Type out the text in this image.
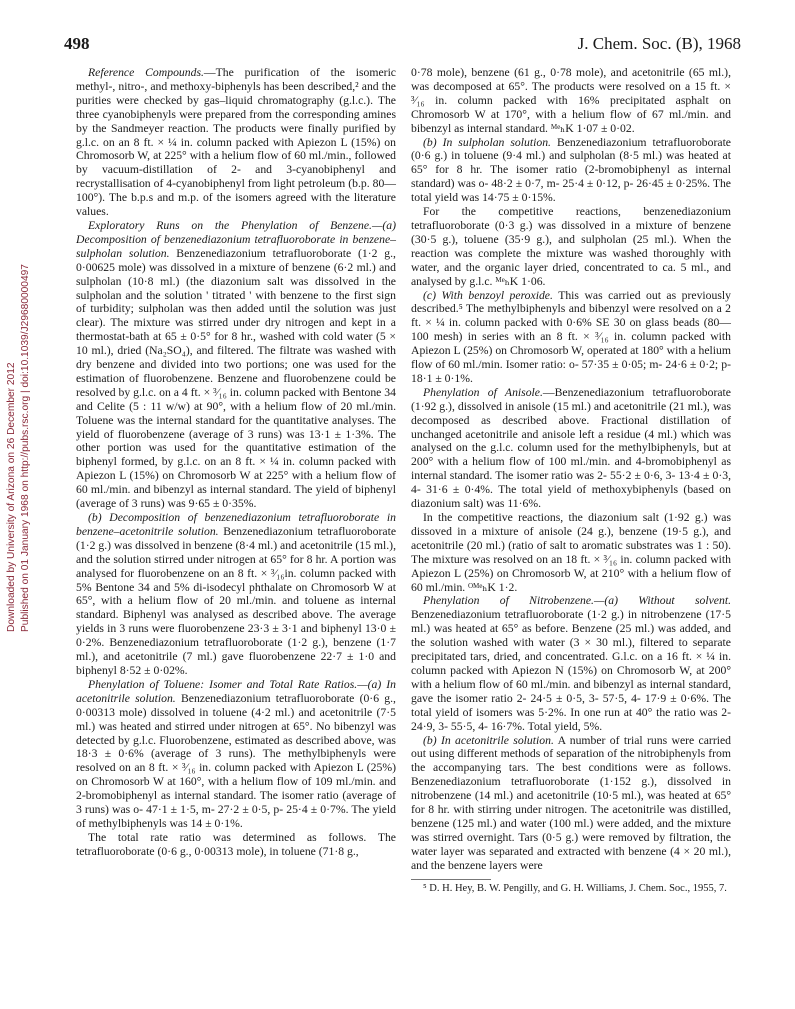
498	J. Chem. Soc. (B), 1968
Downloaded by University of Arizona on 26 December 2012 Published on 01 January 1968 on http://pubs.rsc.org | doi:10.1039/J29680000497

Reference Compounds.—The purification of the isomeric methyl-, nitro-, and methoxy-biphenyls has been described,² and the purities were checked by gas–liquid chromatography (g.l.c.). The three cyanobiphenyls were prepared from the corresponding amines by the Sandmeyer reaction. The products were finally purified by g.l.c. on an 8 ft. × ¼ in. column packed with Apiezon L (15%) on Chromosorb W, at 225° with a helium flow of 60 ml./min., followed by vacuum-distillation of 2- and 3-cyanobiphenyl and recrystallisation of 4-cyanobiphenyl from light petroleum (b.p. 80—100°). The b.p.s and m.p. of the isomers agreed with the literature values.

Exploratory Runs on the Phenylation of Benzene.—(a) Decomposition of benzenediazonium tetrafluoroborate in benzene–sulpholan solution. Benzenediazonium tetrafluoroborate (1·2 g., 0·00625 mole) was dissolved in a mixture of benzene (6·2 ml.) and sulpholan (10·8 ml.) (the diazonium salt was dissolved in the sulpholan and the solution ' titrated ' with benzene to the first sign of turbidity; sulpholan was then added until the solution was just clear). The mixture was stirred under dry nitrogen and kept in a thermostat-bath at 65 ± 0·5° for 8 hr., washed with cold water (5 × 10 ml.), dried (Na₂SO₄), and filtered. The filtrate was washed with dry benzene and divided into two portions; one was used for the estimation of fluorobenzene. Benzene and fluorobenzene could be resolved by g.l.c. on a 4 ft. × ³⁄₁₆ in. column packed with Bentone 34 and Celite (5 : 11 w/w) at 90°, with a helium flow of 20 ml./min. Toluene was the internal standard for the quantitative analyses. The yield of fluorobenzene (average of 3 runs) was 13·1 ± 1·3%. The other portion was used for the quantitative estimation of the biphenyl formed, by g.l.c. on an 8 ft. × ¼ in. column packed with Apiezon L (15%) on Chromosorb W at 225° with a helium flow of 60 ml./min. and bibenzyl as internal standard. The yield of biphenyl (average of 3 runs) was 9·65 ± 0·35%.

(b) Decomposition of benzenediazonium tetrafluoroborate in benzene–acetonitrile solution. Benzenediazonium tetrafluoroborate (1·2 g.) was dissolved in benzene (8·4 ml.) and acetonitrile (15 ml.), and the solution stirred under nitrogen at 65° for 8 hr. A portion was analysed for fluorobenzene on an 8 ft. × ³⁄₁₆in. column packed with 5% Bentone 34 and 5% di-isodecyl phthalate on Chromosorb W at 65°, with a helium flow of 20 ml./min. and toluene as internal standard. Biphenyl was analysed as described above. The average yields in 3 runs were fluorobenzene 23·3 ± 3·1 and biphenyl 13·0 ± 0·2%. Benzenediazonium tetrafluoroborate (1·2 g.), benzene (1·7 ml.), and acetonitrile (7 ml.) gave fluorobenzene 22·7 ± 1·0 and biphenyl 8·52 ± 0·02%.

Phenylation of Toluene: Isomer and Total Rate Ratios.—(a) In acetonitrile solution. Benzenediazonium tetrafluoroborate (0·6 g., 0·00313 mole) dissolved in toluene (4·2 ml.) and acetonitrile (7·5 ml.) was heated and stirred under nitrogen at 65°. No bibenzyl was detected by g.l.c. Fluorobenzene, estimated as described above, was 18·3 ± 0·6% (average of 3 runs). The methylbiphenyls were resolved on an 8 ft. × ³⁄₁₆ in. column packed with Apiezon L (25%) on Chromosorb W at 160°, with a helium flow of 109 ml./min. and 2-bromobiphenyl as internal standard. The isomer ratio (average of 3 runs) was o- 47·1 ± 1·5, m- 27·2 ± 0·5, p- 25·4 ± 0·7%. The yield of methylbiphenyls was 14 ± 0·1%.

The total rate ratio was determined as follows. The tetrafluoroborate (0·6 g., 0·00313 mole), in toluene (71·8 g.,

0·78 mole), benzene (61 g., 0·78 mole), and acetonitrile (65 ml.), was decomposed at 65°. The products were resolved on a 15 ft. × ³⁄₁₆ in. column packed with 16% precipitated asphalt on Chromosorb W at 170°, with a helium flow of 67 ml./min. and bibenzyl as internal standard. ᴹᵉₕK 1·07 ± 0·02.

(b) In sulpholan solution. Benzenediazonium tetrafluoroborate (0·6 g.) in toluene (9·4 ml.) and sulpholan (8·5 ml.) was heated at 65° for 8 hr. The isomer ratio (2-bromobiphenyl as internal standard) was o- 48·2 ± 0·7, m- 25·4 ± 0·12, p- 26·45 ± 0·25%. The total yield was 14·75 ± 0·15%.

For the competitive reactions, benzenediazonium tetrafluoroborate (0·3 g.) was dissolved in a mixture of benzene (30·5 g.), toluene (35·9 g.), and sulpholan (25 ml.). When the reaction was complete the mixture was washed thoroughly with water, and the organic layer dried, concentrated to ca. 5 ml., and analysed by g.l.c. ᴹᵉₕK 1·06.

(c) With benzoyl peroxide. This was carried out as previously described.⁵ The methylbiphenyls and bibenzyl were resolved on a 2 ft. × ¼ in. column packed with 0·6% SE 30 on glass beads (80—100 mesh) in series with an 8 ft. × ³⁄₁₆ in. column packed with Apiezon L (25%) on Chromosorb W, operated at 180° with a helium flow of 60 ml./min. Isomer ratio: o- 57·35 ± 0·05; m- 24·6 ± 0·2; p- 18·1 ± 0·1%.

Phenylation of Anisole.—Benzenediazonium tetrafluoroborate (1·92 g.), dissolved in anisole (15 ml.) and acetonitrile (21 ml.), was decomposed as described above. Fractional distillation of unchanged acetonitrile and anisole left a residue (4 ml.) which was analysed on the g.l.c. column used for the methylbiphenyls, but at 200° with a helium flow of 100 ml./min. and 4-bromobiphenyl as internal standard. The isomer ratio was 2- 55·2 ± 0·6, 3- 13·4 ± 0·3, 4- 31·6 ± 0·4%. The total yield of methoxybiphenyls (based on diazonium salt) was 11·6%.

In the competitive reactions, the diazonium salt (1·92 g.) was dissoved in a mixture of anisole (24 g.), benzene (19·5 g.), and acetonitrile (20 ml.) (ratio of salt to aromatic substrates was 1 : 50). The mixture was resolved on an 18 ft. × ³⁄₁₆ in. column packed with Apiezon L (25%) on Chromosorb W, at 210° with a helium flow of 60 ml./min. ᴼᴹᵉₕK 1·2.

Phenylation of Nitrobenzene.—(a) Without solvent. Benzenediazonium tetrafluoroborate (1·2 g.) in nitrobenzene (17·5 ml.) was heated at 65° as before. Benzene (25 ml.) was added, and the solution washed with water (3 × 30 ml.), filtered to separate precipitated tars, dried, and concentrated. G.l.c. on a 16 ft. × ¼ in. column packed with Apiezon N (15%) on Chromosorb W, at 200° with a helium flow of 60 ml./min. and bibenzyl as internal standard, gave the isomer ratio 2- 24·5 ± 0·5, 3- 57·5, 4- 17·9 ± 0·6%. The total yield of isomers was 5·2%. In one run at 40° the ratio was 2- 24·9, 3- 55·5, 4- 16·7%. Total yield, 5%.

(b) In acetonitrile solution. A number of trial runs were carried out using different methods of separation of the nitrobiphenyls from the accompanying tars. The best conditions were as follows. Benzenediazonium tetrafluoroborate (1·152 g.), dissolved in nitrobenzene (14 ml.) and acetonitrile (10·5 ml.), was heated at 65° for 8 hr. with stirring under nitrogen. The acetonitrile was distilled, benzene (125 ml.) and water (100 ml.) were added, and the mixture was stirred overnight. Tars (0·5 g.) were removed by filtration, the water layer was separated and extracted with benzene (4 × 20 ml.), and the benzene layers were

⁵ D. H. Hey, B. W. Pengilly, and G. H. Williams, J. Chem. Soc., 1955, 7.
